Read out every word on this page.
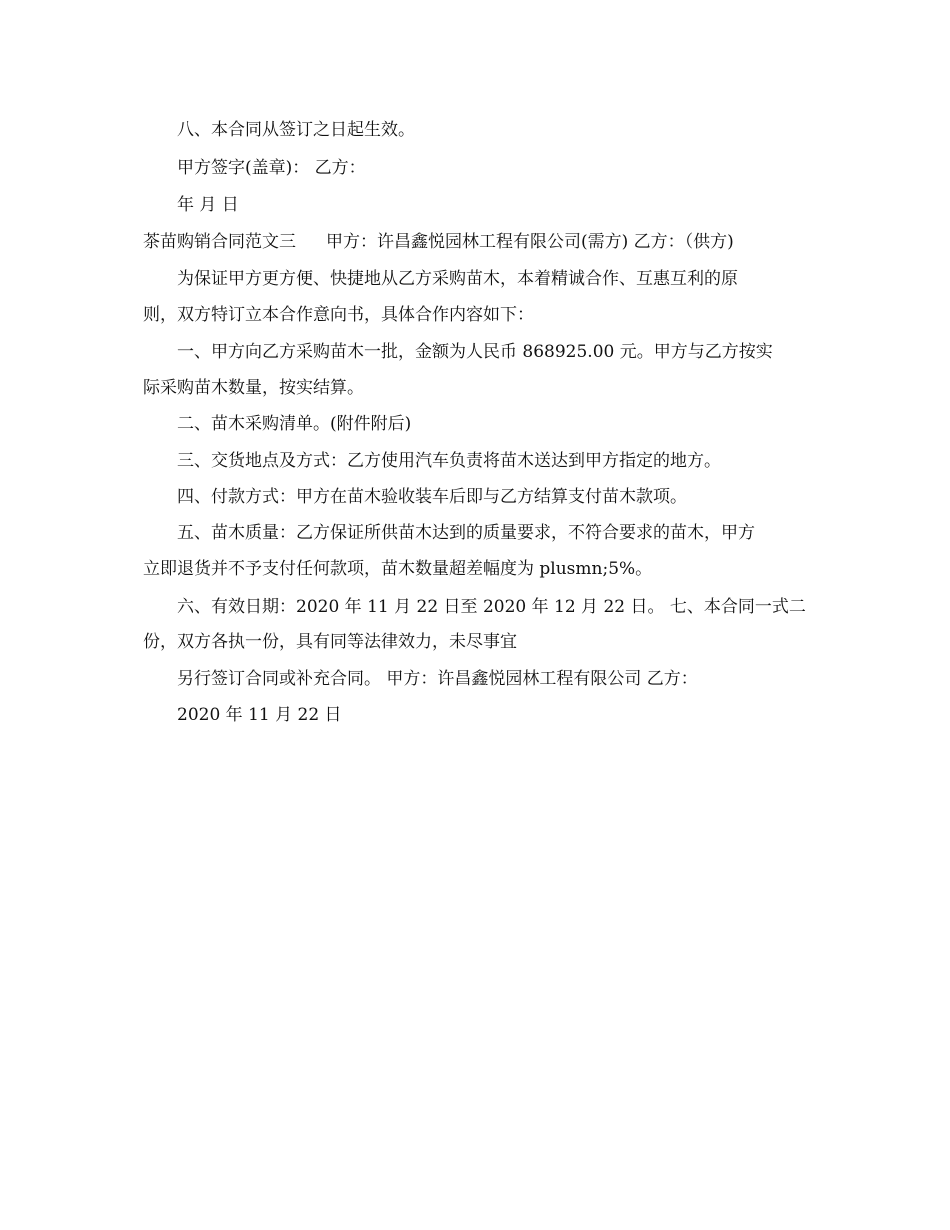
八、本合同从签订之日起生效。
甲方签字(盖章)： 乙方：
年 月 日
茶苗购销合同范文三 甲方：许昌鑫悦园林工程有限公司(需方) 乙方：（供方)
为保证甲方更方便、快捷地从乙方采购苗木，本着精诚合作、互惠互利的原
则，双方特订立本合作意向书，具体合作内容如下：
一、甲方向乙方采购苗木一批，金额为人民币 868925.00 元。甲方与乙方按实
际采购苗木数量，按实结算。
二、苗木采购清单。(附件附后)
三、交货地点及方式：乙方使用汽车负责将苗木送达到甲方指定的地方。
四、付款方式：甲方在苗木验收装车后即与乙方结算支付苗木款项。
五、苗木质量：乙方保证所供苗木达到的质量要求，不符合要求的苗木，甲方
立即退货并不予支付任何款项，苗木数量超差幅度为 plusmn;5%。
六、有效日期：2020 年 11 月 22 日至 2020 年 12 月 22 日。 七、本合同一式二
份，双方各执一份，具有同等法律效力，未尽事宜
另行签订合同或补充合同。 甲方：许昌鑫悦园林工程有限公司 乙方：
2020 年 11 月 22 日
